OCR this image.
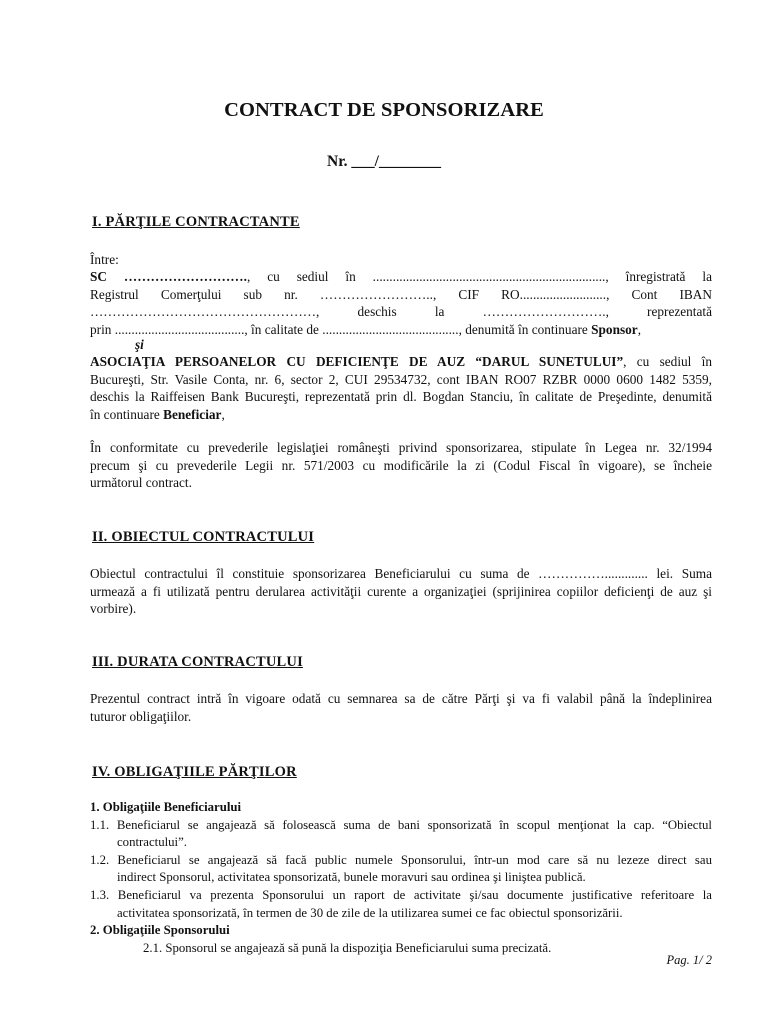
CONTRACT DE SPONSORIZARE
Nr. ___/________
I. PĂRŢILE CONTRACTANTE
Între:
SC ………………………., cu sediul în ......................................................................, înregistrată la
Registrul Comerţului sub nr. …………………….., CIF RO.........................., Cont IBAN
……………………………………………, deschis la ………………………., reprezentată
prin ......................................., în calitate de ........................................., denumită în continuare Sponsor,
şi
ASOCIAŢIA PERSOANELOR CU DEFICIENŢE DE AUZ “DARUL SUNETULUI”, cu sediul în
Bucureşti, Str. Vasile Conta, nr. 6, sector 2, CUI 29534732, cont IBAN RO07 RZBR 0000 0600 1482 5359,
deschis la Raiffeisen Bank Bucureşti, reprezentată prin dl. Bogdan Stanciu, în calitate de Preşedinte, denumită
în continuare Beneficiar,
În conformitate cu prevederile legislaţiei româneşti privind sponsorizarea, stipulate în Legea nr. 32/1994
precum şi cu prevederile Legii nr. 571/2003 cu modificările la zi (Codul Fiscal în vigoare), se încheie
următorul contract.
II. OBIECTUL CONTRACTULUI
Obiectul contractului îl constituie sponsorizarea Beneficiarului cu suma de ……………............. lei. Suma
urmează a fi utilizată pentru derularea activităţii curente a organizaţiei (sprijinirea copiilor deficienţi de auz şi
vorbire).
III. DURATA CONTRACTULUI
Prezentul contract intră în vigoare odată cu semnarea sa de către Părţi şi va fi valabil până la îndeplinirea
tuturor obligaţiilor.
IV. OBLIGAŢIILE PĂRŢILOR
1. Obligaţiile Beneficiarului
1.1. Beneficiarul se angajează să folosească suma de bani sponsorizată în scopul menţionat la cap. “Obiectul
contractului”.
1.2. Beneficiarul se angajează să facă public numele Sponsorului, într-un mod care să nu lezeze direct sau
indirect Sponsorul, activitatea sponsorizată, bunele moravuri sau ordinea şi liniştea publică.
1.3. Beneficiarul va prezenta Sponsorului un raport de activitate şi/sau documente justificative referitoare la
activitatea sponsorizată, în termen de 30 de zile de la utilizarea sumei ce fac obiectul sponsorizării.
2. Obligaţiile Sponsorului
2.1. Sponsorul se angajează să pună la dispoziţia Beneficiarului suma precizată.
Pag. 1/ 2
